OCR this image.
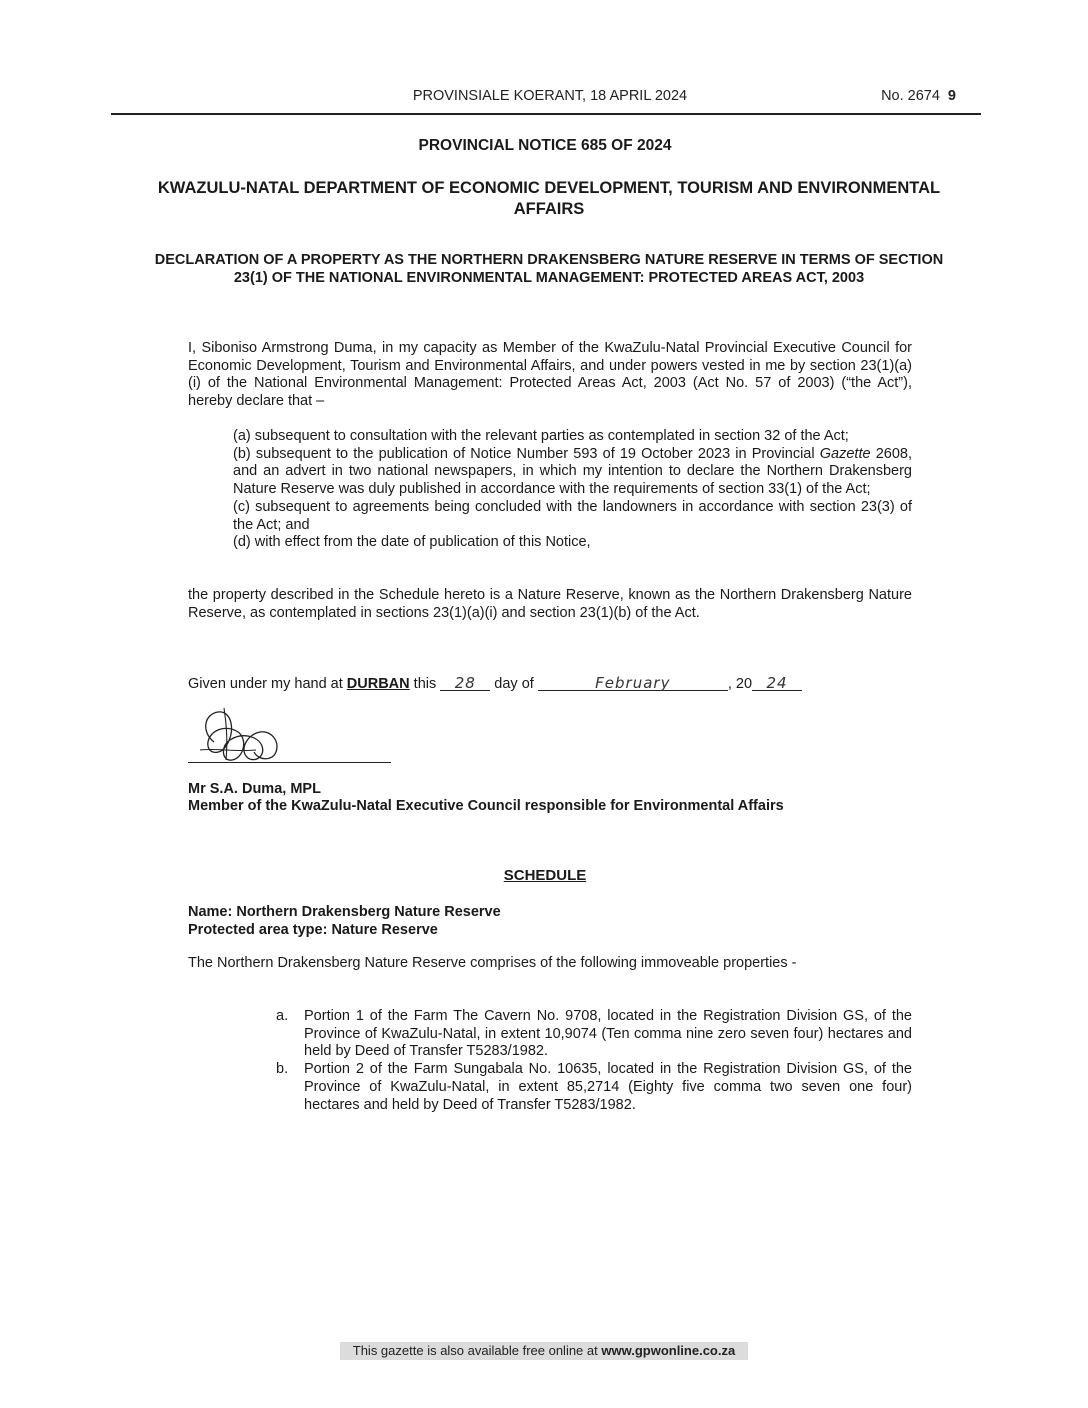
PROVINSIALE KOERANT, 18 APRIL 2024	No. 2674 9
PROVINCIAL NOTICE 685 OF 2024
KWAZULU-NATAL DEPARTMENT OF ECONOMIC DEVELOPMENT, TOURISM AND ENVIRONMENTAL AFFAIRS
DECLARATION OF A PROPERTY AS THE NORTHERN DRAKENSBERG NATURE RESERVE IN TERMS OF SECTION 23(1) OF THE NATIONAL ENVIRONMENTAL MANAGEMENT: PROTECTED AREAS ACT, 2003
I, Siboniso Armstrong Duma, in my capacity as Member of the KwaZulu-Natal Provincial Executive Council for Economic Development, Tourism and Environmental Affairs, and under powers vested in me by section 23(1)(a)(i) of the National Environmental Management: Protected Areas Act, 2003 (Act No. 57 of 2003) (“the Act”), hereby declare that –

(a) subsequent to consultation with the relevant parties as contemplated in section 32 of the Act;

(b) subsequent to the publication of Notice Number 593 of 19 October 2023 in Provincial Gazette 2608, and an advert in two national newspapers, in which my intention to declare the Northern Drakensberg Nature Reserve was duly published in accordance with the requirements of section 33(1) of the Act;

(c) subsequent to agreements being concluded with the landowners in accordance with section 23(3) of the Act; and

(d) with effect from the date of publication of this Notice,

the property described in the Schedule hereto is a Nature Reserve, known as the Northern Drakensberg Nature Reserve, as contemplated in sections 23(1)(a)(i) and section 23(1)(b) of the Act.
Given under my hand at DURBAN this 28 day of	February	, 20 24
Mr S.A. Duma, MPL
Member of the KwaZulu-Natal Executive Council responsible for Environmental Affairs
SCHEDULE
Name: Northern Drakensberg Nature Reserve
Protected area type: Nature Reserve
The Northern Drakensberg Nature Reserve comprises of the following immoveable properties -
a. Portion 1 of the Farm The Cavern No. 9708, located in the Registration Division GS, of the Province of KwaZulu-Natal, in extent 10,9074 (Ten comma nine zero seven four) hectares and held by Deed of Transfer T5283/1982.
b. Portion 2 of the Farm Sungabala No. 10635, located in the Registration Division GS, of the Province of KwaZulu-Natal, in extent 85,2714 (Eighty five comma two seven one four) hectares and held by Deed of Transfer T5283/1982.
This gazette is also available free online at www.gpwonline.co.za
